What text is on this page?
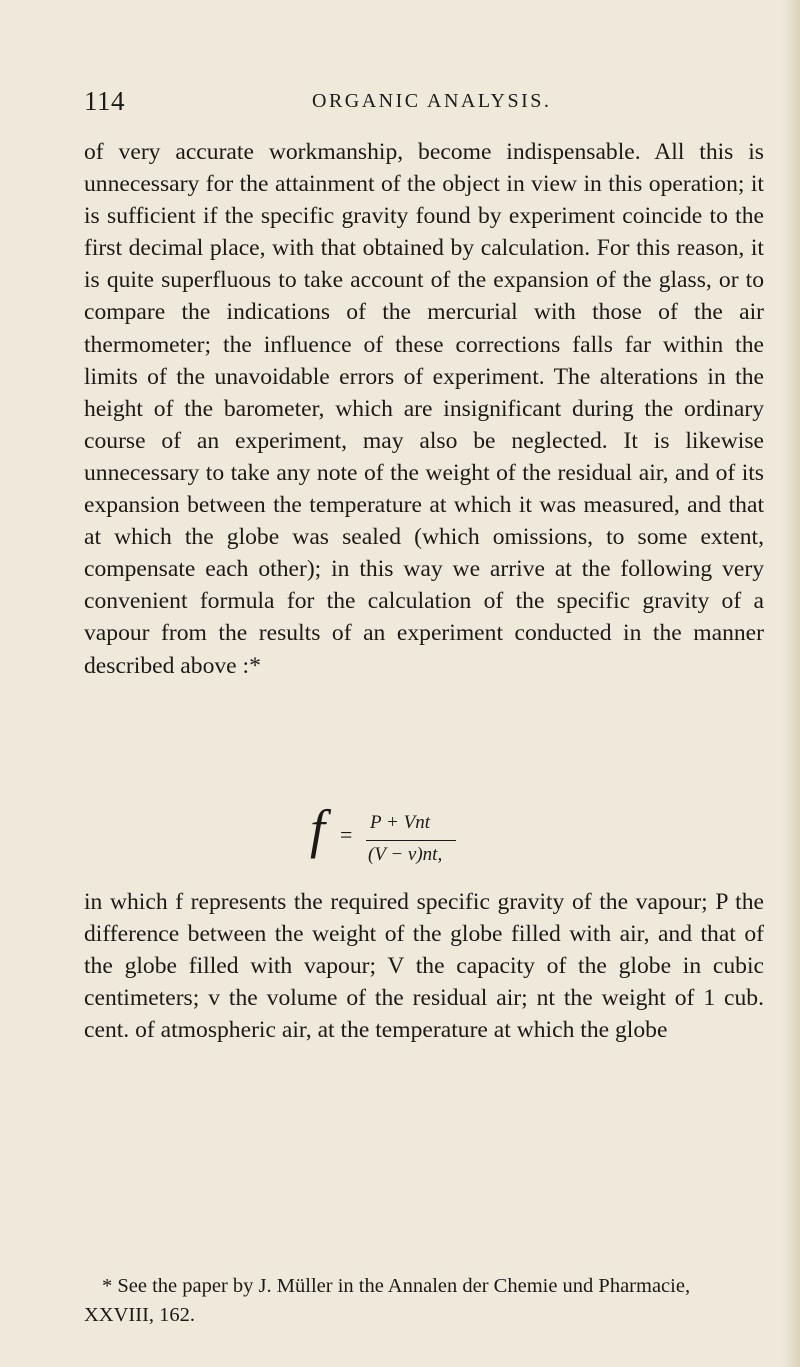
114	ORGANIC ANALYSIS.

of very accurate workmanship, become indispensable. All this is unnecessary for the attainment of the object in view in this operation; it is sufficient if the specific gravity found by experiment coincide to the first decimal place, with that obtained by calculation. For this reason, it is quite superfluous to take account of the expansion of the glass, or to compare the indications of the mercurial with those of the air thermometer; the influence of these corrections falls far within the limits of the unavoidable errors of experiment. The alterations in the height of the barometer, which are insignificant during the ordinary course of an experiment, may also be neglected. It is likewise unnecessary to take any note of the weight of the residual air, and of its expansion between the temperature at which it was measured, and that at which the globe was sealed (which omissions, to some extent, compensate each other); in this way we arrive at the following very convenient formula for the calculation of the specific gravity of a vapour from the results of an experiment conducted in the manner described above :*

f = P + Vnt
(V − v)nt,

in which f represents the required specific gravity of the vapour; P the difference between the weight of the globe filled with air, and that of the globe filled with vapour; V the capacity of the globe in cubic centimeters; v the volume of the residual air; nt the weight of 1 cub. cent. of atmospheric air, at the temperature at which the globe

* See the paper by J. Müller in the Annalen der Chemie und Pharmacie, XXVIII, 162.
